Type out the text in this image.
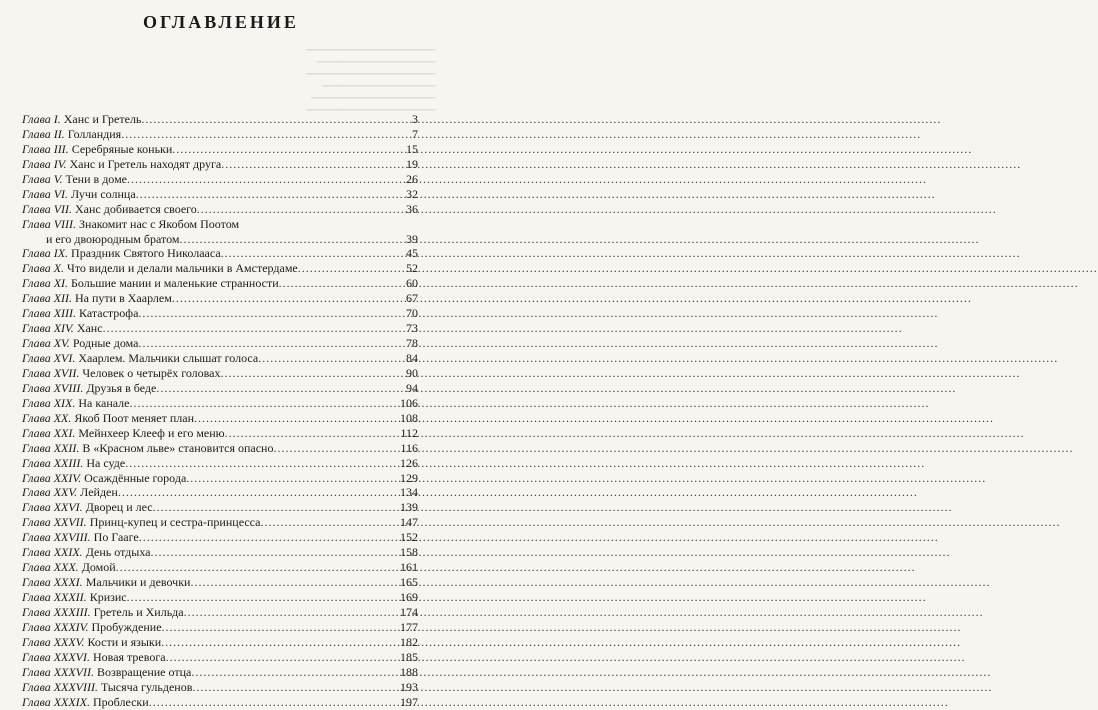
━━━━━━━━━━━━━━━━━━━━━━━━
━━━━━━━━━━━━━━━━━━━━━━
━━━━━━━━━━━━━━━━━━━━━━━━
━━━━━━━━━━━━━━━━━━━━━
━━━━━━━━━━━━━━━━━━━━━━━
━━━━━━━━━━━━━━━━━━━━━━━━
ОГЛАВЛЕНИЕ
Глава I. Ханс и Гретель .....	3
Глава II. Голландия .....	7
Глава III. Серебряные коньки .....	15
Глава IV. Ханс и Гретель находят друга .....	19
Глава V. Тени в доме .....	26
Глава VI. Лучи солнца .....	32
Глава VII. Ханс добивается своего .....	36
Глава VIII. Знакомит нас с Якобом Поотом
и его двоюродным братом .....	39
Глава IX. Праздник Святого Николааса .....	45
Глава X. Что видели и делали мальчики в Амстердаме .....	52
Глава XI. Большие мании и маленькие странности .....	60
Глава XII. На пути в Хаарлем .....	67
Глава XIII. Катастрофа .....	70
Глава XIV. Ханс .....	73
Глава XV. Родные дома .....	78
Глава XVI. Хаарлем. Мальчики слышат голоса .....	84
Глава XVII. Человек о четырёх головах .....	90
Глава XVIII. Друзья в беде .....	94
Глава XIX. На канале .....	106
Глава XX. Якоб Поот меняет план .....	108
Глава XXI. Мейнхеер Клееф и его меню .....	112
Глава XXII. В «Красном льве» становится опасно .....	116
Глава XXIII. На суде .....	126
Глава XXIV. Осаждённые города .....	129
Глава XXV. Лейден .....	134
Глава XXVI. Дворец и лес .....	139
Глава XXVII. Принц-купец и сестра-принцесса .....	147
Глава XXVIII. По Гааге .....	152
Глава XXIX. День отдыха .....	158
Глава XXX. Домой .....	161
Глава XXXI. Мальчики и девочки .....	165
Глава XXXII. Кризис .....	169
Глава XXXIII. Гретель и Хильда .....	174
Глава XXXIV. Пробуждение .....	177
Глава XXXV. Кости и языки .....	182
Глава XXXVI. Новая тревога .....	185
Глава XXXVII. Возвращение отца .....	188
Глава XXXVIII. Тысяча гульденов .....	193
Глава XXXIX. Проблески .....	197
